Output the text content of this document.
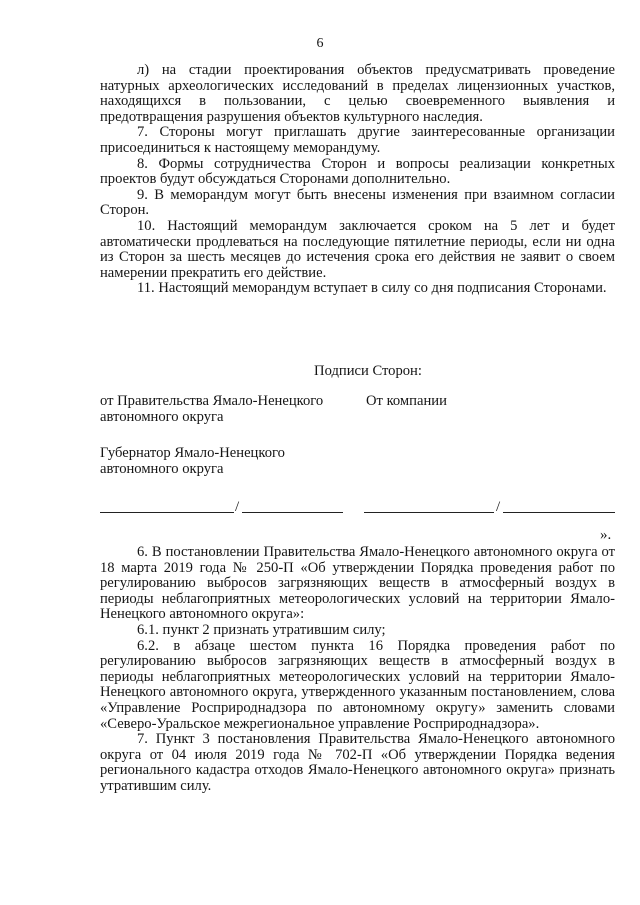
6

л) на стадии проектирования объектов предусматривать проведение натурных археологических исследований в пределах лицензионных участков, находящихся в пользовании, с целью своевременного выявления и предотвращения разрушения объектов культурного наследия.

7. Стороны могут приглашать другие заинтересованные организации присоединиться к настоящему меморандуму.

8. Формы сотрудничества Сторон и вопросы реализации конкретных проектов будут обсуждаться Сторонами дополнительно.

9. В меморандум могут быть внесены изменения при взаимном согласии Сторон.

10. Настоящий меморандум заключается сроком на 5 лет и будет автоматически продлеваться на последующие пятилетние периоды, если ни одна из Сторон за шесть месяцев до истечения срока его действия не заявит о своем намерении прекратить его действие.

11. Настоящий меморандум вступает в силу со дня подписания Сторонами.

Подписи Сторон:
от Правительства Ямало-Ненецкого автономного округа
От компании
Губернатор Ямало-Ненецкого автономного округа
/	/
».

6. В постановлении Правительства Ямало-Ненецкого автономного округа от 18 марта 2019 года № 250-П «Об утверждении Порядка проведения работ по регулированию выбросов загрязняющих веществ в атмосферный воздух в периоды неблагоприятных метеорологических условий на территории Ямало-Ненецкого автономного округа»:

6.1. пункт 2 признать утратившим силу;

6.2. в абзаце шестом пункта 16 Порядка проведения работ по регулированию выбросов загрязняющих веществ в атмосферный воздух в периоды неблагоприятных метеорологических условий на территории Ямало-Ненецкого автономного округа, утвержденного указанным постановлением, слова «Управление Росприроднадзора по автономному округу» заменить словами «Северо-Уральское межрегиональное управление Росприроднадзора».

7. Пункт 3 постановления Правительства Ямало-Ненецкого автономного округа от 04 июля 2019 года № 702-П «Об утверждении Порядка ведения регионального кадастра отходов Ямало-Ненецкого автономного округа» признать утратившим силу.
